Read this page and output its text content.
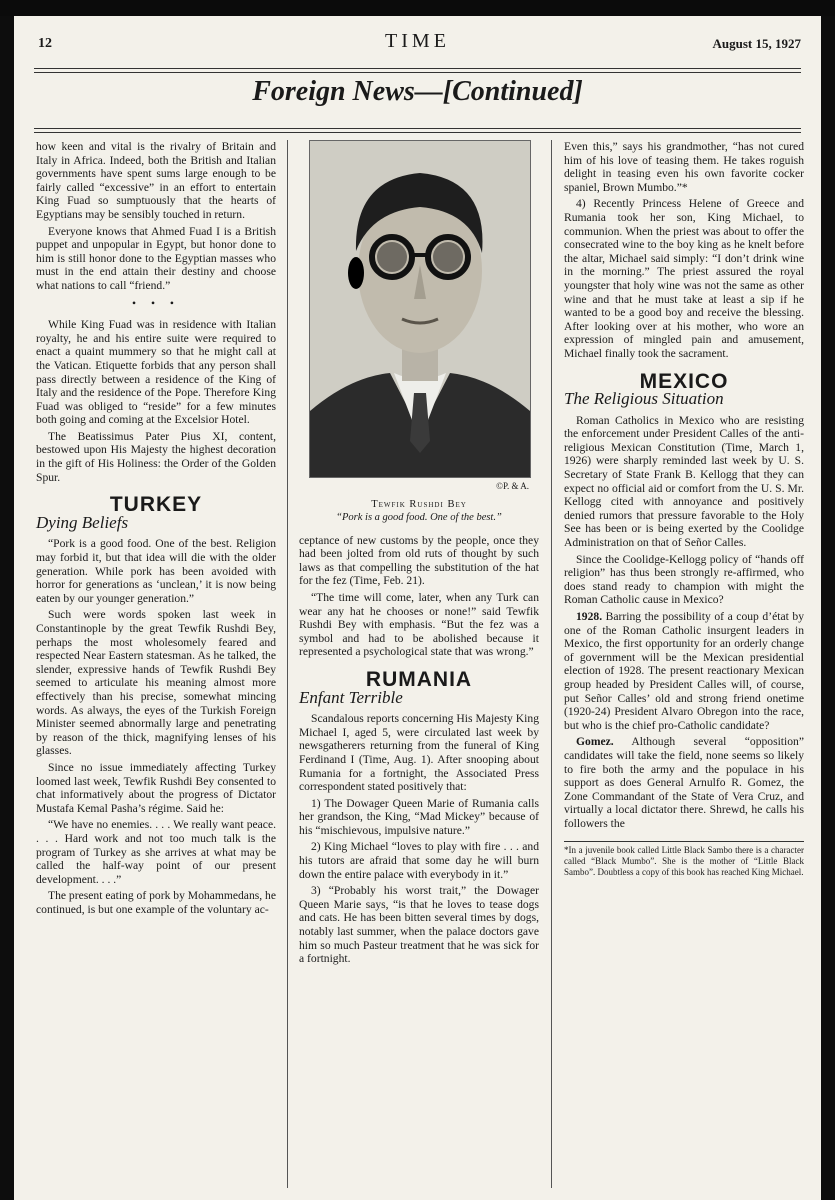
12	TIME	August 15, 1927
Foreign News—[Continued]

how keen and vital is the rivalry of Britain and Italy in Africa. Indeed, both the British and Italian governments have spent sums large enough to be fairly called “excessive” in an effort to entertain King Fuad so sumptuously that the hearts of Egyptians may be sensibly touched in return.

Everyone knows that Ahmed Fuad I is a British puppet and unpopular in Egypt, but honor done to him is still honor done to the Egyptian masses who must in the end attain their destiny and choose what nations to call “friend.”

• • •

While King Fuad was in residence with Italian royalty, he and his entire suite were required to enact a quaint mummery so that he might call at the Vatican. Etiquette forbids that any person shall pass directly between a residence of the King of Italy and the residence of the Pope. Therefore King Fuad was obliged to “reside” for a few minutes both going and coming at the Excelsior Hotel.

The Beatissimus Pater Pius XI, content, bestowed upon His Majesty the highest decoration in the gift of His Holiness: the Order of the Golden Spur.

TURKEY
Dying Beliefs

“Pork is a good food. One of the best. Religion may forbid it, but that idea will die with the older generation. While pork has been avoided with horror for generations as ‘unclean,’ it is now being eaten by our younger generation.”

Such were words spoken last week in Constantinople by the great Tewfik Rushdi Bey, perhaps the most wholesomely feared and respected Near Eastern statesman. As he talked, the slender, expressive hands of Tewfik Rushdi Bey seemed to articulate his meaning almost more effectively than his precise, somewhat mincing words. As always, the eyes of the Turkish Foreign Minister seemed abnormally large and penetrating by reason of the thick, magnifying lenses of his glasses.

Since no issue immediately affecting Turkey loomed last week, Tewfik Rushdi Bey consented to chat informatively about the progress of Dictator Mustafa Kemal Pasha’s régime. Said he:

“We have no enemies. . . . We really want peace. . . . Hard work and not too much talk is the program of Turkey as she arrives at what may be called the half-way point of our present development. . . .”

The present eating of pork by Mohammedans, he continued, is but one example of the voluntary ac-

©P. & A.
Tewfik Rushdi Bey
“Pork is a good food. One of the best.”

ceptance of new customs by the people, once they had been jolted from old ruts of thought by such laws as that compelling the substitution of the hat for the fez (Time, Feb. 21).

“The time will come, later, when any Turk can wear any hat he chooses or none!” said Tewfik Rushdi Bey with emphasis. “But the fez was a symbol and had to be abolished because it represented a psychological state that was wrong.”

RUMANIA
Enfant Terrible

Scandalous reports concerning His Majesty King Michael I, aged 5, were circulated last week by newsgatherers returning from the funeral of King Ferdinand I (Time, Aug. 1). After snooping about Rumania for a fortnight, the Associated Press correspondent stated positively that:

1) The Dowager Queen Marie of Rumania calls her grandson, the King, “Mad Mickey” because of his “mischievous, impulsive nature.”

2) King Michael “loves to play with fire . . . and his tutors are afraid that some day he will burn down the entire palace with everybody in it.”

3) “Probably his worst trait,” the Dowager Queen Marie says, “is that he loves to tease dogs and cats. He has been bitten several times by dogs, notably last summer, when the palace doctors gave him so much Pasteur treatment that he was sick for a fortnight.

Even this,” says his grandmother, “has not cured him of his love of teasing them. He takes roguish delight in teasing even his own favorite cocker spaniel, Brown Mumbo.”*

4) Recently Princess Helene of Greece and Rumania took her son, King Michael, to communion. When the priest was about to offer the consecrated wine to the boy king as he knelt before the altar, Michael said simply: “I don’t drink wine in the morning.” The priest assured the royal youngster that holy wine was not the same as other wine and that he must take at least a sip if he wanted to be a good boy and receive the blessing. After looking over at his mother, who wore an expression of mingled pain and amusement, Michael finally took the sacrament.

MEXICO
The Religious Situation

Roman Catholics in Mexico who are resisting the enforcement under President Calles of the anti-religious Mexican Constitution (Time, March 1, 1926) were sharply reminded last week by U. S. Secretary of State Frank B. Kellogg that they can expect no official aid or comfort from the U. S. Mr. Kellogg cited with annoyance and positively denied rumors that pressure favorable to the Holy See has been or is being exerted by the Coolidge Administration on that of Señor Calles.

Since the Coolidge-Kellogg policy of “hands off religion” has thus been strongly re-affirmed, who does stand ready to champion with might the Roman Catholic cause in Mexico?

1928. Barring the possibility of a coup d’état by one of the Roman Catholic insurgent leaders in Mexico, the first opportunity for an orderly change of government will be the Mexican presidential election of 1928. The present reactionary Mexican group headed by President Calles will, of course, put Señor Calles’ old and strong friend onetime (1920-24) President Alvaro Obregon into the race, but who is the chief pro-Catholic candidate?

Gomez. Although several “opposition” candidates will take the field, none seems so likely to fire both the army and the populace in his support as does General Arnulfo R. Gomez, the Zone Commandant of the State of Vera Cruz, and virtually a local dictator there. Shrewd, he calls his followers the

*In a juvenile book called Little Black Sambo there is a character called “Black Mumbo”. She is the mother of “Little Black Sambo”. Doubtless a copy of this book has reached King Michael.
